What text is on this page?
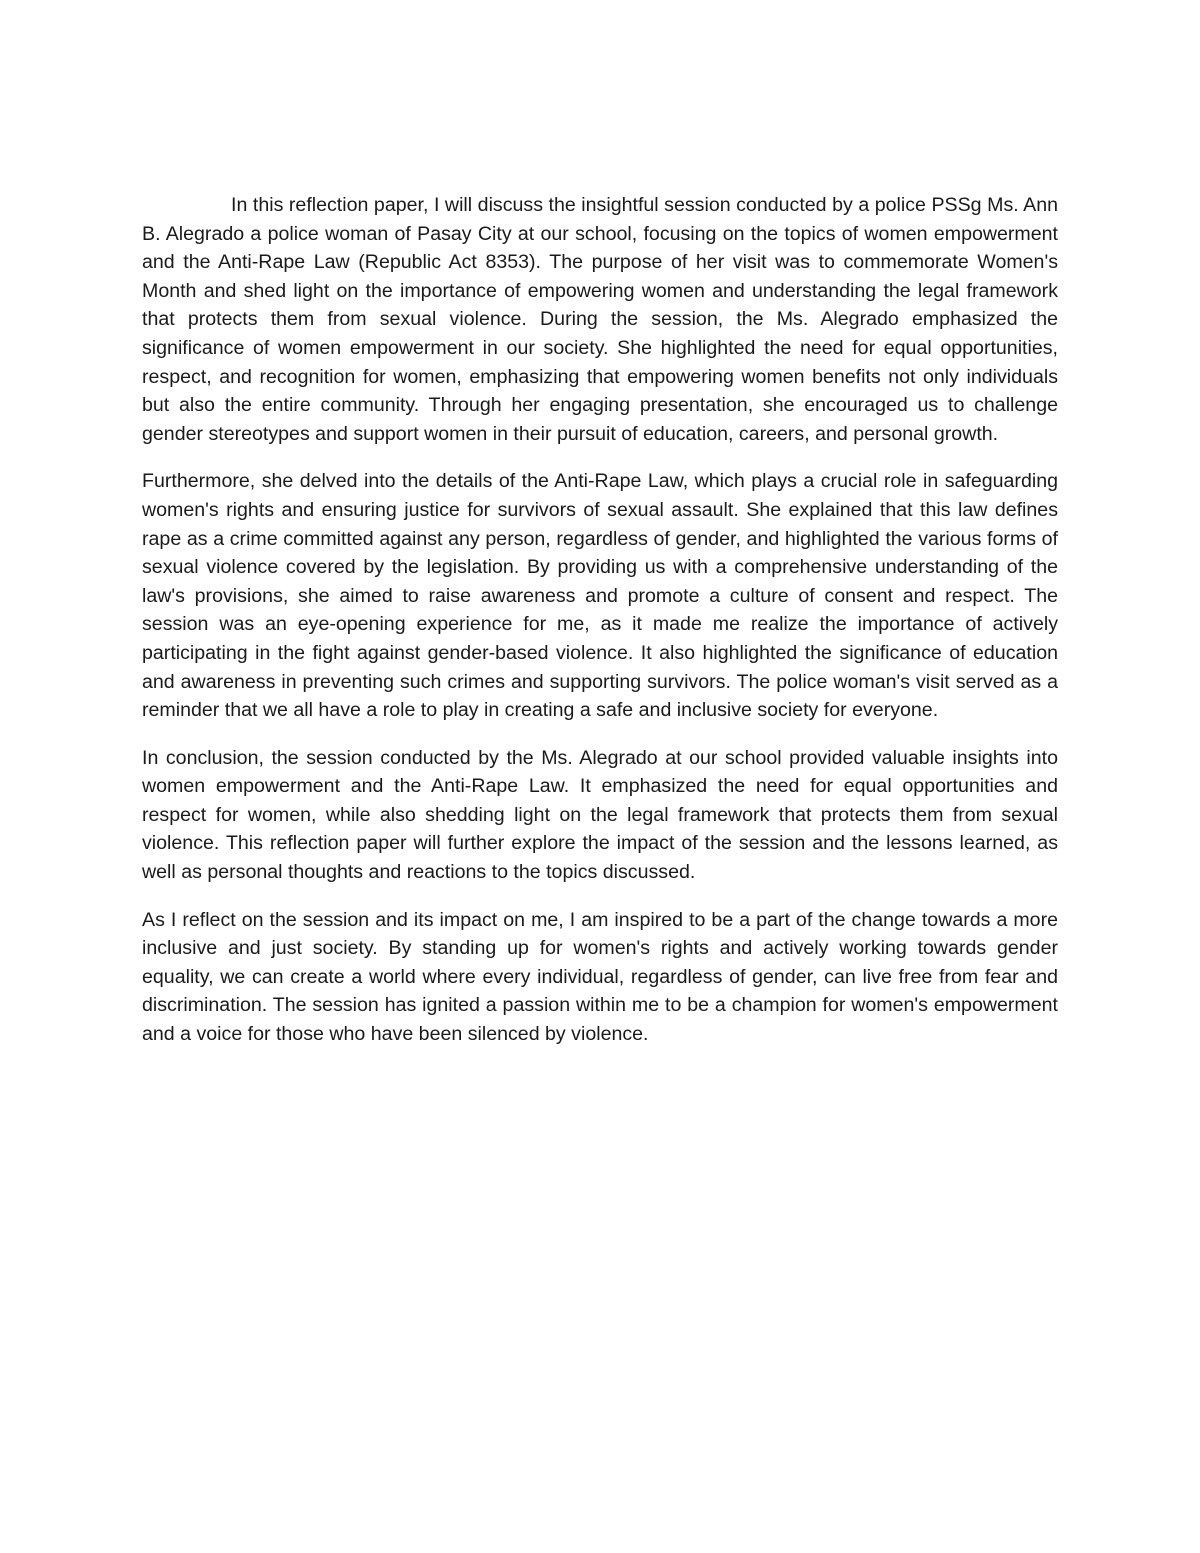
In this reflection paper, I will discuss the insightful session conducted by a police PSSg Ms. Ann B. Alegrado a police woman of Pasay City at our school, focusing on the topics of women empowerment and the Anti-Rape Law (Republic Act 8353). The purpose of her visit was to commemorate Women's Month and shed light on the importance of empowering women and understanding the legal framework that protects them from sexual violence. During the session, the Ms. Alegrado emphasized the significance of women empowerment in our society. She highlighted the need for equal opportunities, respect, and recognition for women, emphasizing that empowering women benefits not only individuals but also the entire community. Through her engaging presentation, she encouraged us to challenge gender stereotypes and support women in their pursuit of education, careers, and personal growth.

Furthermore, she delved into the details of the Anti-Rape Law, which plays a crucial role in safeguarding women's rights and ensuring justice for survivors of sexual assault. She explained that this law defines rape as a crime committed against any person, regardless of gender, and highlighted the various forms of sexual violence covered by the legislation. By providing us with a comprehensive understanding of the law's provisions, she aimed to raise awareness and promote a culture of consent and respect. The session was an eye-opening experience for me, as it made me realize the importance of actively participating in the fight against gender-based violence. It also highlighted the significance of education and awareness in preventing such crimes and supporting survivors. The police woman's visit served as a reminder that we all have a role to play in creating a safe and inclusive society for everyone.

In conclusion, the session conducted by the Ms. Alegrado at our school provided valuable insights into women empowerment and the Anti-Rape Law. It emphasized the need for equal opportunities and respect for women, while also shedding light on the legal framework that protects them from sexual violence. This reflection paper will further explore the impact of the session and the lessons learned, as well as personal thoughts and reactions to the topics discussed.

As I reflect on the session and its impact on me, I am inspired to be a part of the change towards a more inclusive and just society. By standing up for women's rights and actively working towards gender equality, we can create a world where every individual, regardless of gender, can live free from fear and discrimination. The session has ignited a passion within me to be a champion for women's empowerment and a voice for those who have been silenced by violence.
